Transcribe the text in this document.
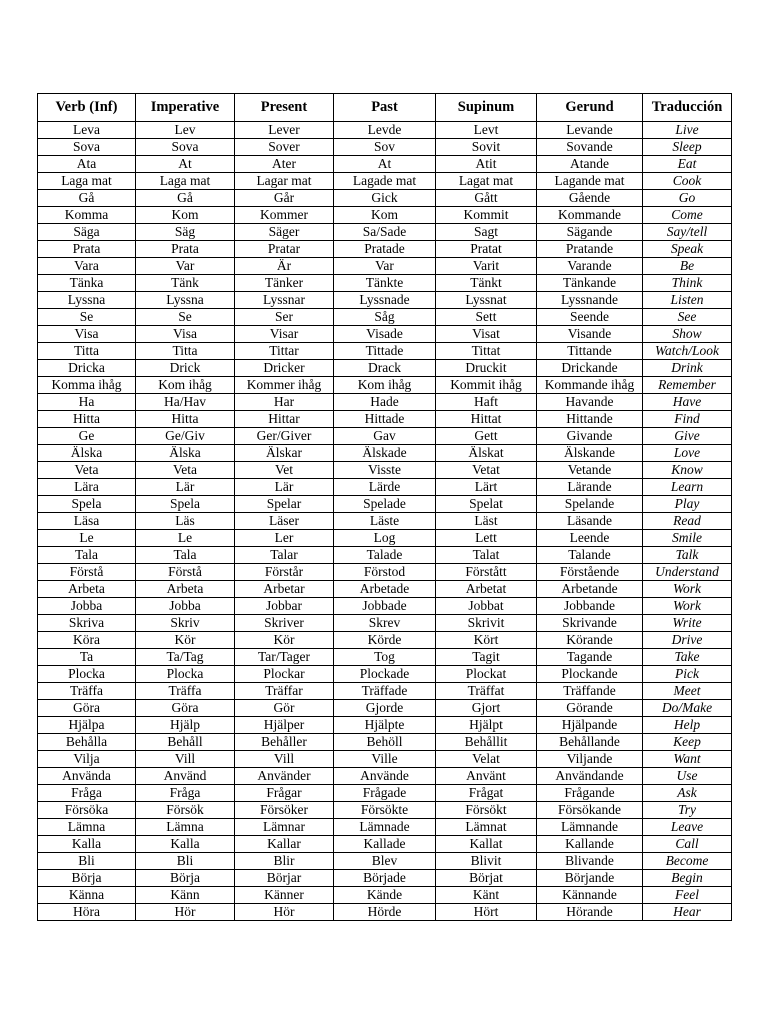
Verb (Inf)	Imperative	Present	Past	Supinum	Gerund	Traducción
Leva	Lev	Lever	Levde	Levt	Levande	Live
Sova	Sova	Sover	Sov	Sovit	Sovande	Sleep
Ata	At	Ater	At	Atit	Atande	Eat
Laga mat	Laga mat	Lagar mat	Lagade mat	Lagat mat	Lagande mat	Cook
Gå	Gå	Går	Gick	Gått	Gående	Go
Komma	Kom	Kommer	Kom	Kommit	Kommande	Come
Säga	Säg	Säger	Sa/Sade	Sagt	Sägande	Say/tell
Prata	Prata	Pratar	Pratade	Pratat	Pratande	Speak
Vara	Var	Är	Var	Varit	Varande	Be
Tänka	Tänk	Tänker	Tänkte	Tänkt	Tänkande	Think
Lyssna	Lyssna	Lyssnar	Lyssnade	Lyssnat	Lyssnande	Listen
Se	Se	Ser	Såg	Sett	Seende	See
Visa	Visa	Visar	Visade	Visat	Visande	Show
Titta	Titta	Tittar	Tittade	Tittat	Tittande	Watch/Look
Dricka	Drick	Dricker	Drack	Druckit	Drickande	Drink
Komma ihåg	Kom ihåg	Kommer ihåg	Kom ihåg	Kommit ihåg	Kommande ihåg	Remember
Ha	Ha/Hav	Har	Hade	Haft	Havande	Have
Hitta	Hitta	Hittar	Hittade	Hittat	Hittande	Find
Ge	Ge/Giv	Ger/Giver	Gav	Gett	Givande	Give
Älska	Älska	Älskar	Älskade	Älskat	Älskande	Love
Veta	Veta	Vet	Visste	Vetat	Vetande	Know
Lära	Lär	Lär	Lärde	Lärt	Lärande	Learn
Spela	Spela	Spelar	Spelade	Spelat	Spelande	Play
Läsa	Läs	Läser	Läste	Läst	Läsande	Read
Le	Le	Ler	Log	Lett	Leende	Smile
Tala	Tala	Talar	Talade	Talat	Talande	Talk
Förstå	Förstå	Förstår	Förstod	Förstått	Förstående	Understand
Arbeta	Arbeta	Arbetar	Arbetade	Arbetat	Arbetande	Work
Jobba	Jobba	Jobbar	Jobbade	Jobbat	Jobbande	Work
Skriva	Skriv	Skriver	Skrev	Skrivit	Skrivande	Write
Köra	Kör	Kör	Körde	Kört	Körande	Drive
Ta	Ta/Tag	Tar/Tager	Tog	Tagit	Tagande	Take
Plocka	Plocka	Plockar	Plockade	Plockat	Plockande	Pick
Träffa	Träffa	Träffar	Träffade	Träffat	Träffande	Meet
Göra	Göra	Gör	Gjorde	Gjort	Görande	Do/Make
Hjälpa	Hjälp	Hjälper	Hjälpte	Hjälpt	Hjälpande	Help
Behålla	Behåll	Behåller	Behöll	Behållit	Behållande	Keep
Vilja	Vill	Vill	Ville	Velat	Viljande	Want
Använda	Använd	Använder	Använde	Använt	Användande	Use
Fråga	Fråga	Frågar	Frågade	Frågat	Frågande	Ask
Försöka	Försök	Försöker	Försökte	Försökt	Försökande	Try
Lämna	Lämna	Lämnar	Lämnade	Lämnat	Lämnande	Leave
Kalla	Kalla	Kallar	Kallade	Kallat	Kallande	Call
Bli	Bli	Blir	Blev	Blivit	Blivande	Become
Börja	Börja	Börjar	Började	Börjat	Börjande	Begin
Känna	Känn	Känner	Kände	Känt	Kännande	Feel
Höra	Hör	Hör	Hörde	Hört	Hörande	Hear
